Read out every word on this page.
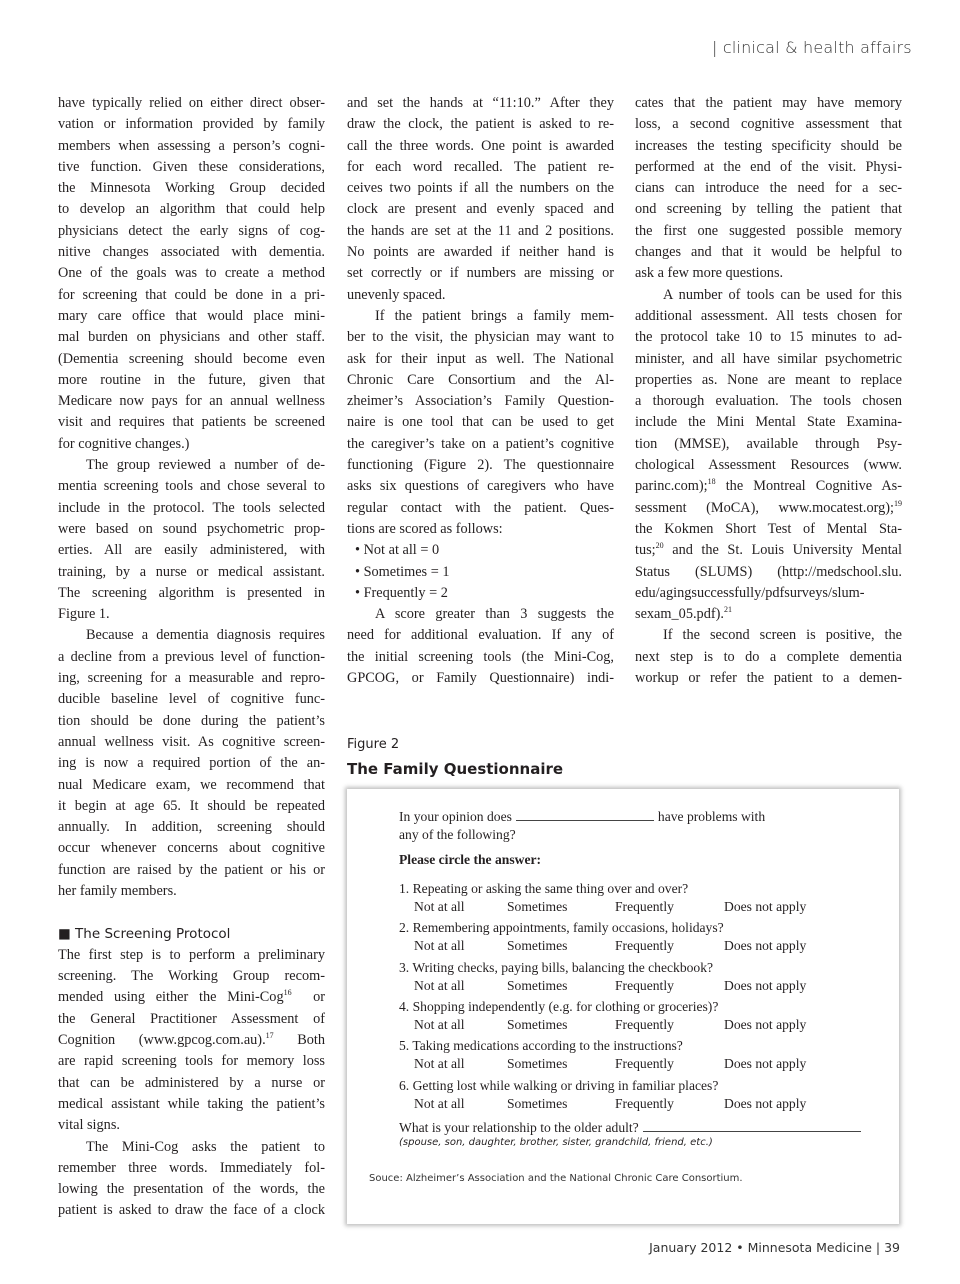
| clinical & health affairs
have typically relied on either direct obser-
vation or information provided by family
members when assessing a person’s cogni-
tive function. Given these considerations,
the Minnesota Working Group decided
to develop an algorithm that could help
physicians detect the early signs of cog-
nitive changes associated with dementia.
One of the goals was to create a method
for screening that could be done in a pri-
mary care office that would place mini-
mal burden on physicians and other staff.
(Dementia screening should become even
more routine in the future, given that
Medicare now pays for an annual wellness
visit and requires that patients be screened
for cognitive changes.)
The group reviewed a number of de-
mentia screening tools and chose several to
include in the protocol. The tools selected
were based on sound psychometric prop-
erties. All are easily administered, with
training, by a nurse or medical assistant.
The screening algorithm is presented in
Figure 1.
Because a dementia diagnosis requires
a decline from a previous level of function-
ing, screening for a measurable and repro-
ducible baseline level of cognitive func-
tion should be done during the patient’s
annual wellness visit. As cognitive screen-
ing is now a required portion of the an-
nual Medicare exam, we recommend that
it begin at age 65. It should be repeated
annually. In addition, screening should
occur whenever concerns about cognitive
function are raised by the patient or his or
her family members.
■ The Screening Protocol
The first step is to perform a preliminary
screening. The Working Group recom-
mended using either the Mini-Cog$^{16}$  or
the General Practitioner Assessment of
Cognition (www.gpcog.com.au).$^{17}$ Both
are rapid screening tools for memory loss
that can be administered by a nurse or
medical assistant while taking the patient’s
vital signs.
The Mini-Cog asks the patient to
remember three words. Immediately fol-
lowing the presentation of the words, the
patient is asked to draw the face of a clock
and set the hands at “11:10.” After they
draw the clock, the patient is asked to re-
call the three words. One point is awarded
for each word recalled. The patient re-
ceives two points if all the numbers on the
clock are present and evenly spaced and
the hands are set at the 11 and 2 positions.
No points are awarded if neither hand is
set correctly or if numbers are missing or
unevenly spaced.
If the patient brings a family mem-
ber to the visit, the physician may want to
ask for their input as well. The National
Chronic Care Consortium and the Al-
zheimer’s Association’s Family Question-
naire is one tool that can be used to get
the caregiver’s take on a patient’s cognitive
functioning (Figure 2). The questionnaire
asks six questions of caregivers who have
regular contact with the patient. Ques-
tions are scored as follows:
• Not at all = 0
• Sometimes = 1
• Frequently = 2
A score greater than 3 suggests the
need for additional evaluation. If any of
the initial screening tools (the Mini-Cog,
GPCOG, or Family Questionnaire) indi-
cates that the patient may have memory
loss, a second cognitive assessment that
increases the testing specificity should be
performed at the end of the visit. Physi-
cians can introduce the need for a sec-
ond screening by telling the patient that
the first one suggested possible memory
changes and that it would be helpful to
ask a few more questions.
A number of tools can be used for this
additional assessment. All tests chosen for
the protocol take 10 to 15 minutes to ad-
minister, and all have similar psychometric
properties as. None are meant to replace
a thorough evaluation. The tools chosen
include the Mini Mental State Examina-
tion (MMSE), available through Psy-
chological Assessment Resources (www.
parinc.com);$^{18}$ the Montreal Cognitive As-
sessment (MoCA), www.mocatest.org);$^{19}$
the Kokmen Short Test of Mental Sta-
tus;$^{20}$ and the St. Louis University Mental
Status (SLUMS) (http://medschool.slu.
edu/agingsuccessfully/pdfsurveys/slum-
sexam_05.pdf).$^{21}$
If the second screen is positive, the
next step is to do a complete dementia
workup or refer the patient to a demen-
Figure 2
The Family Questionnaire
In your opinion does	have problems with
any of the following?
Please circle the answer:
1. Repeating or asking the same thing over and over?
Not at all	Sometimes	Frequently	Does not apply
2. Remembering appointments, family occasions, holidays?
Not at all	Sometimes	Frequently	Does not apply
3. Writing checks, paying bills, balancing the checkbook?
Not at all	Sometimes	Frequently	Does not apply
4. Shopping independently (e.g. for clothing or groceries)?
Not at all	Sometimes	Frequently	Does not apply
5. Taking medications according to the instructions?
Not at all	Sometimes	Frequently	Does not apply
6. Getting lost while walking or driving in familiar places?
Not at all	Sometimes	Frequently	Does not apply
What is your relationship to the older adult?
(spouse, son, daughter, brother, sister, grandchild, friend, etc.)
Souce: Alzheimer’s Association and the National Chronic Care Consortium.
January 2012 • Minnesota Medicine | 39
